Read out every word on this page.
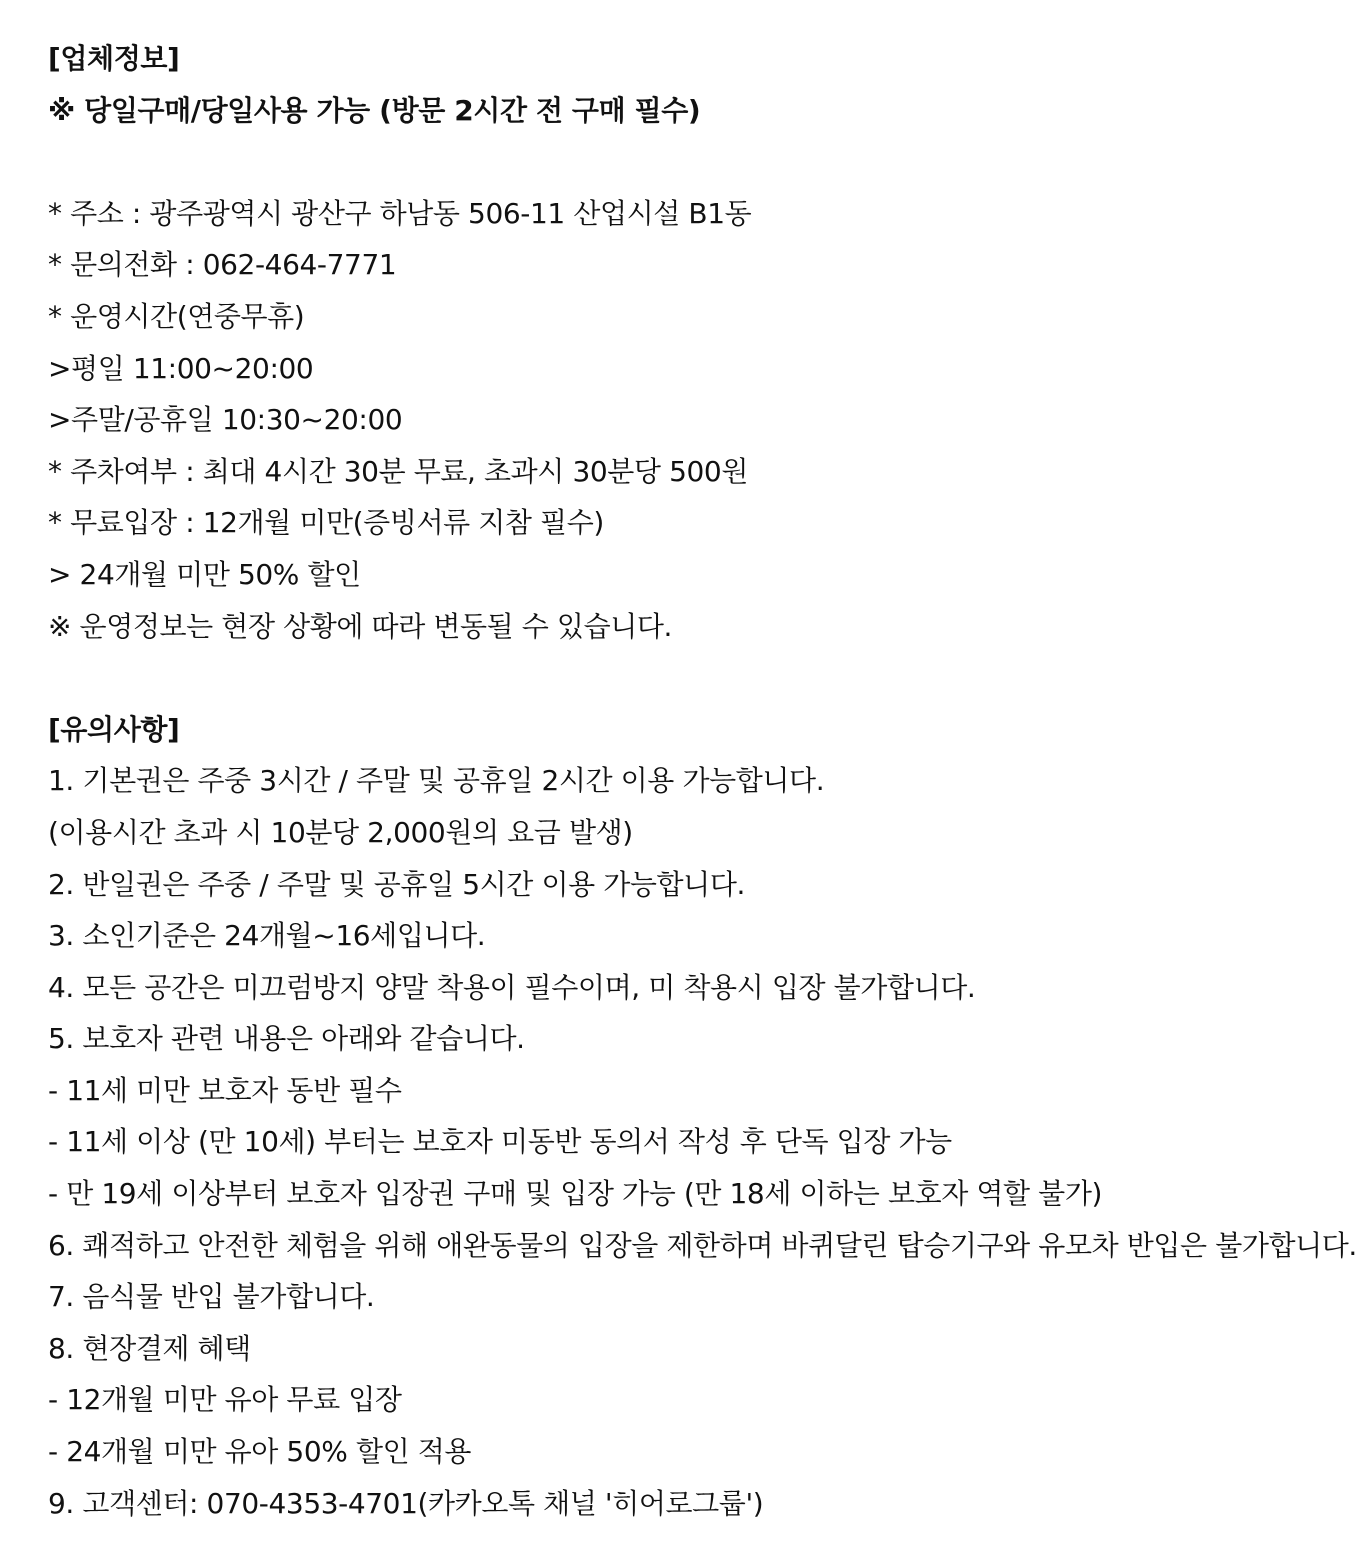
[업체정보]
※ 당일구매/당일사용 가능 (방문 2시간 전 구매 필수)
* 주소 : 광주광역시 광산구 하남동 506-11 산업시설 B1동
* 문의전화 : 062-464-7771
* 운영시간(연중무휴)
>평일 11:00~20:00
>주말/공휴일 10:30~20:00
* 주차여부 : 최대 4시간 30분 무료, 초과시 30분당 500원
* 무료입장 : 12개월 미만(증빙서류 지참 필수)
> 24개월 미만 50% 할인
※ 운영정보는 현장 상황에 따라 변동될 수 있습니다.
[유의사항]
1. 기본권은 주중 3시간 / 주말 및 공휴일 2시간 이용 가능합니다.
(이용시간 초과 시 10분당 2,000원의 요금 발생)
2. 반일권은 주중 / 주말 및 공휴일 5시간 이용 가능합니다.
3. 소인기준은 24개월~16세입니다.
4. 모든 공간은 미끄럼방지 양말 착용이 필수이며, 미 착용시 입장 불가합니다.
5. 보호자 관련 내용은 아래와 같습니다.
- 11세 미만 보호자 동반 필수
- 11세 이상 (만 10세) 부터는 보호자 미동반 동의서 작성 후 단독 입장 가능
- 만 19세 이상부터 보호자 입장권 구매 및 입장 가능 (만 18세 이하는 보호자 역할 불가)
6. 쾌적하고 안전한 체험을 위해 애완동물의 입장을 제한하며 바퀴달린 탑승기구와 유모차 반입은 불가합니다.
7. 음식물 반입 불가합니다.
8. 현장결제 혜택
- 12개월 미만 유아 무료 입장
- 24개월 미만 유아 50% 할인 적용
9. 고객센터: 070-4353-4701(카카오톡 채널 '히어로그룹')
